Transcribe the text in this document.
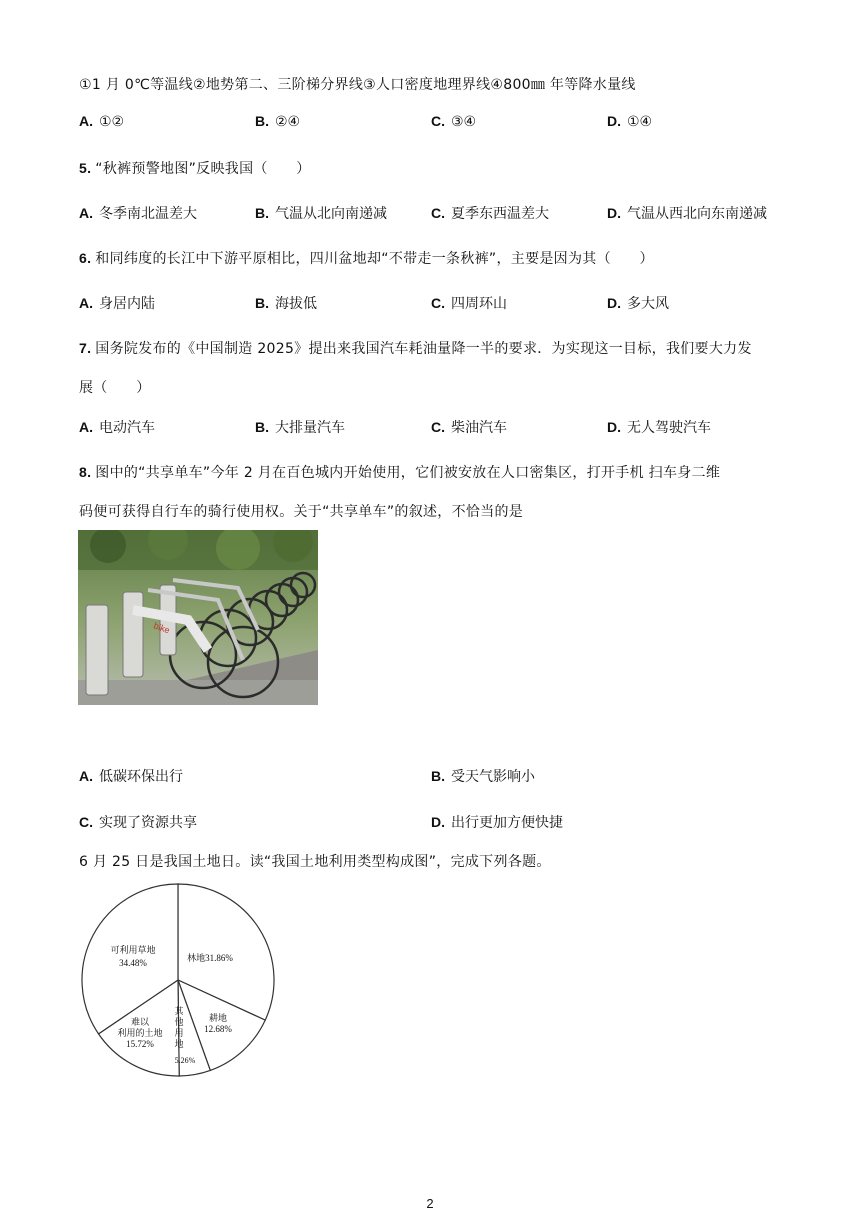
①1 月 0℃等温线②地势第二、三阶梯分界线③人口密度地理界线④800㎜ 年等降水量线
A. ①②	B. ②④	C. ③④	D. ①④
5. “秋裤预警地图”反映我国（　　）
A. 冬季南北温差大	B. 气温从北向南递减	C. 夏季东西温差大	D. 气温从西北向东南递减
6. 和同纬度的长江中下游平原相比，四川盆地却“不带走一条秋裤”，主要是因为其（　　）
A. 身居内陆	B. 海拔低	C. 四周环山	D. 多大风
7. 国务院发布的《中国制造 2025》提出来我国汽车耗油量降一半的要求．为实现这一目标，我们要大力发
展（　　）
A. 电动汽车	B. 大排量汽车	C. 柴油汽车	D. 无人驾驶汽车
8. 图中的“共享单车”今年 2 月在百色城内开始使用，它们被安放在人口密集区，打开手机 扫车身二维
码便可获得自行车的骑行使用权。关于“共享单车”的叙述，不恰当的是
bike
A. 低碳环保出行	B. 受天气影响小
C. 实现了资源共享	D. 出行更加方便快捷
6 月 25 日是我国土地日。读“我国土地利用类型构成图”，完成下列各题。
林地31.86%
耕地
12.68%
其
他
用
地
5.26%
难以
利用的土地
15.72%
可利用草地
34.48%
2
